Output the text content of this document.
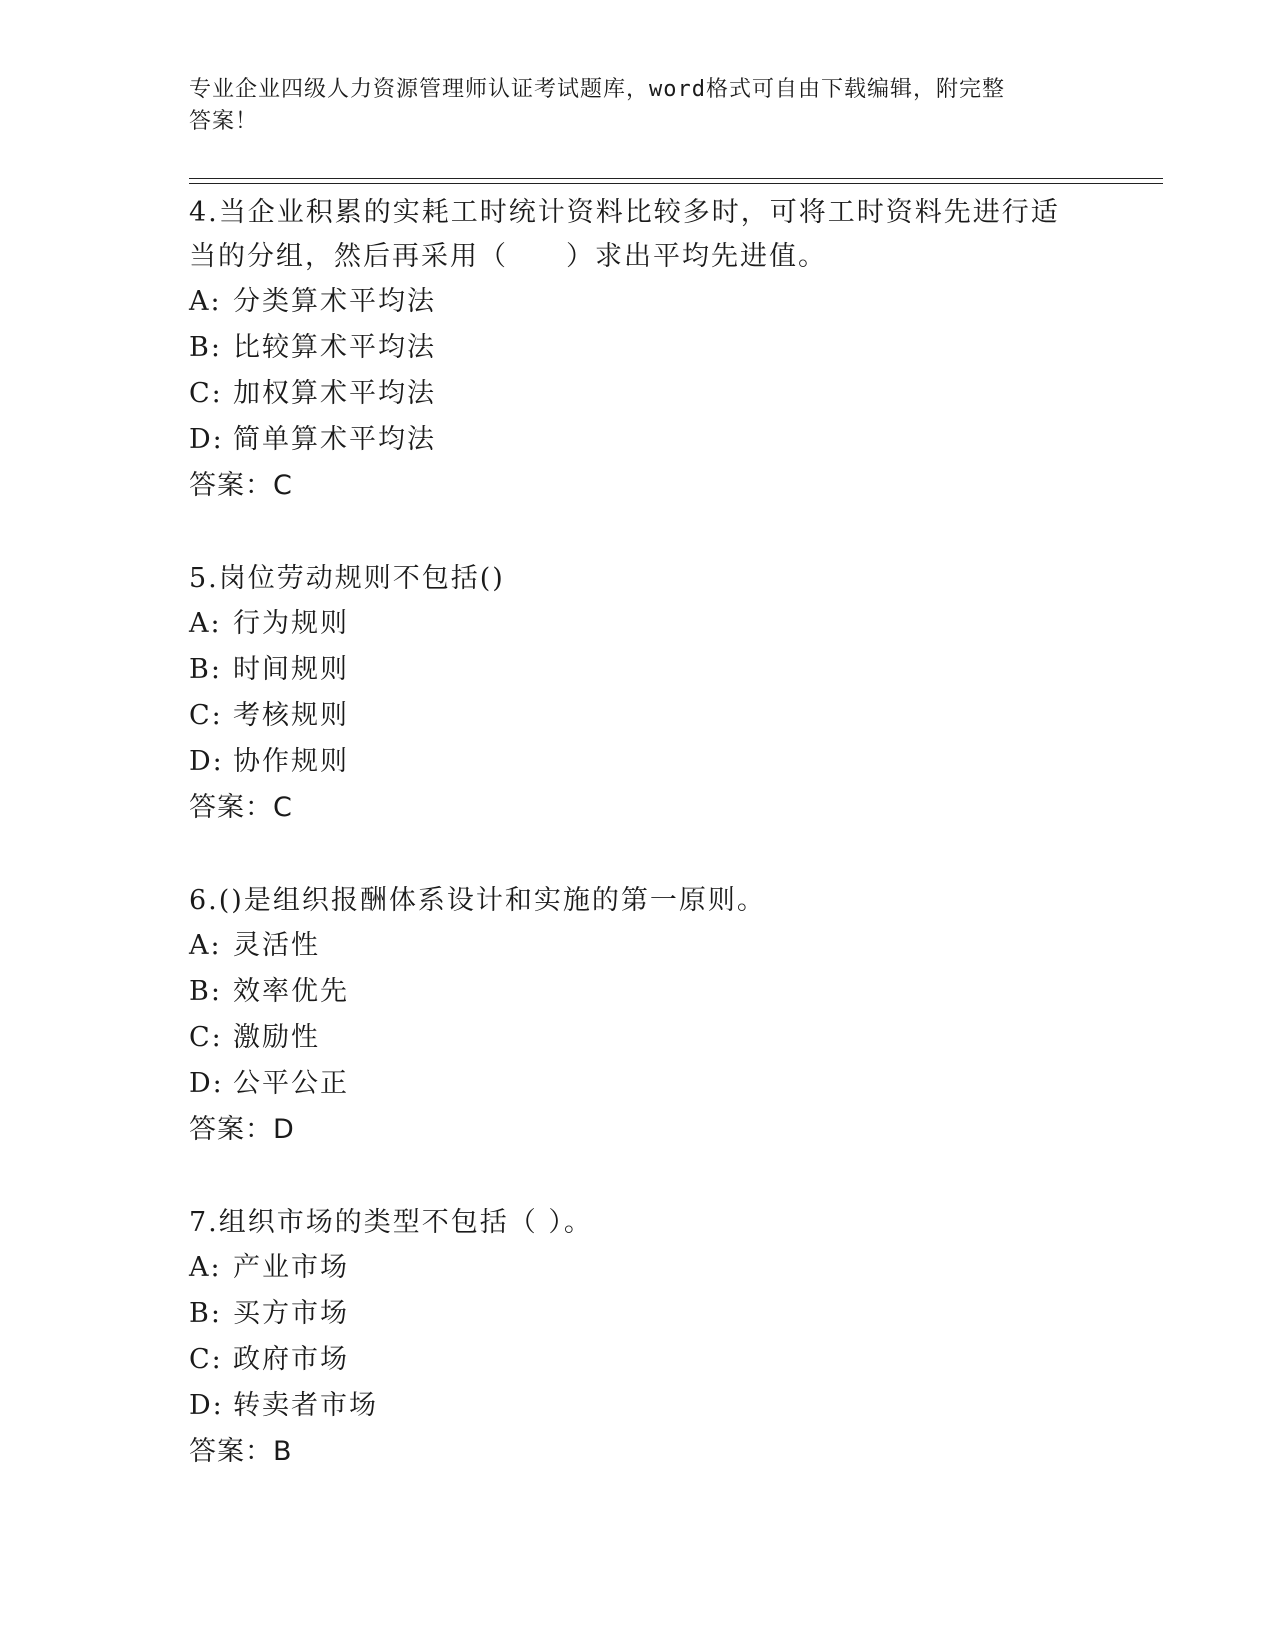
专业企业四级人力资源管理师认证考试题库，word格式可自由下载编辑，附完整
答案！
4.当企业积累的实耗工时统计资料比较多时，可将工时资料先进行适
当的分组，然后再采用（　　）求出平均先进值。
A: 分类算术平均法
B: 比较算术平均法
C: 加权算术平均法
D: 简单算术平均法
答案：C
5.岗位劳动规则不包括()
A: 行为规则
B: 时间规则
C: 考核规则
D: 协作规则
答案：C
6.()是组织报酬体系设计和实施的第一原则。
A: 灵活性
B: 效率优先
C: 激励性
D: 公平公正
答案：D
7.组织市场的类型不包括（ ）。
A: 产业市场
B: 买方市场
C: 政府市场
D: 转卖者市场
答案：B
